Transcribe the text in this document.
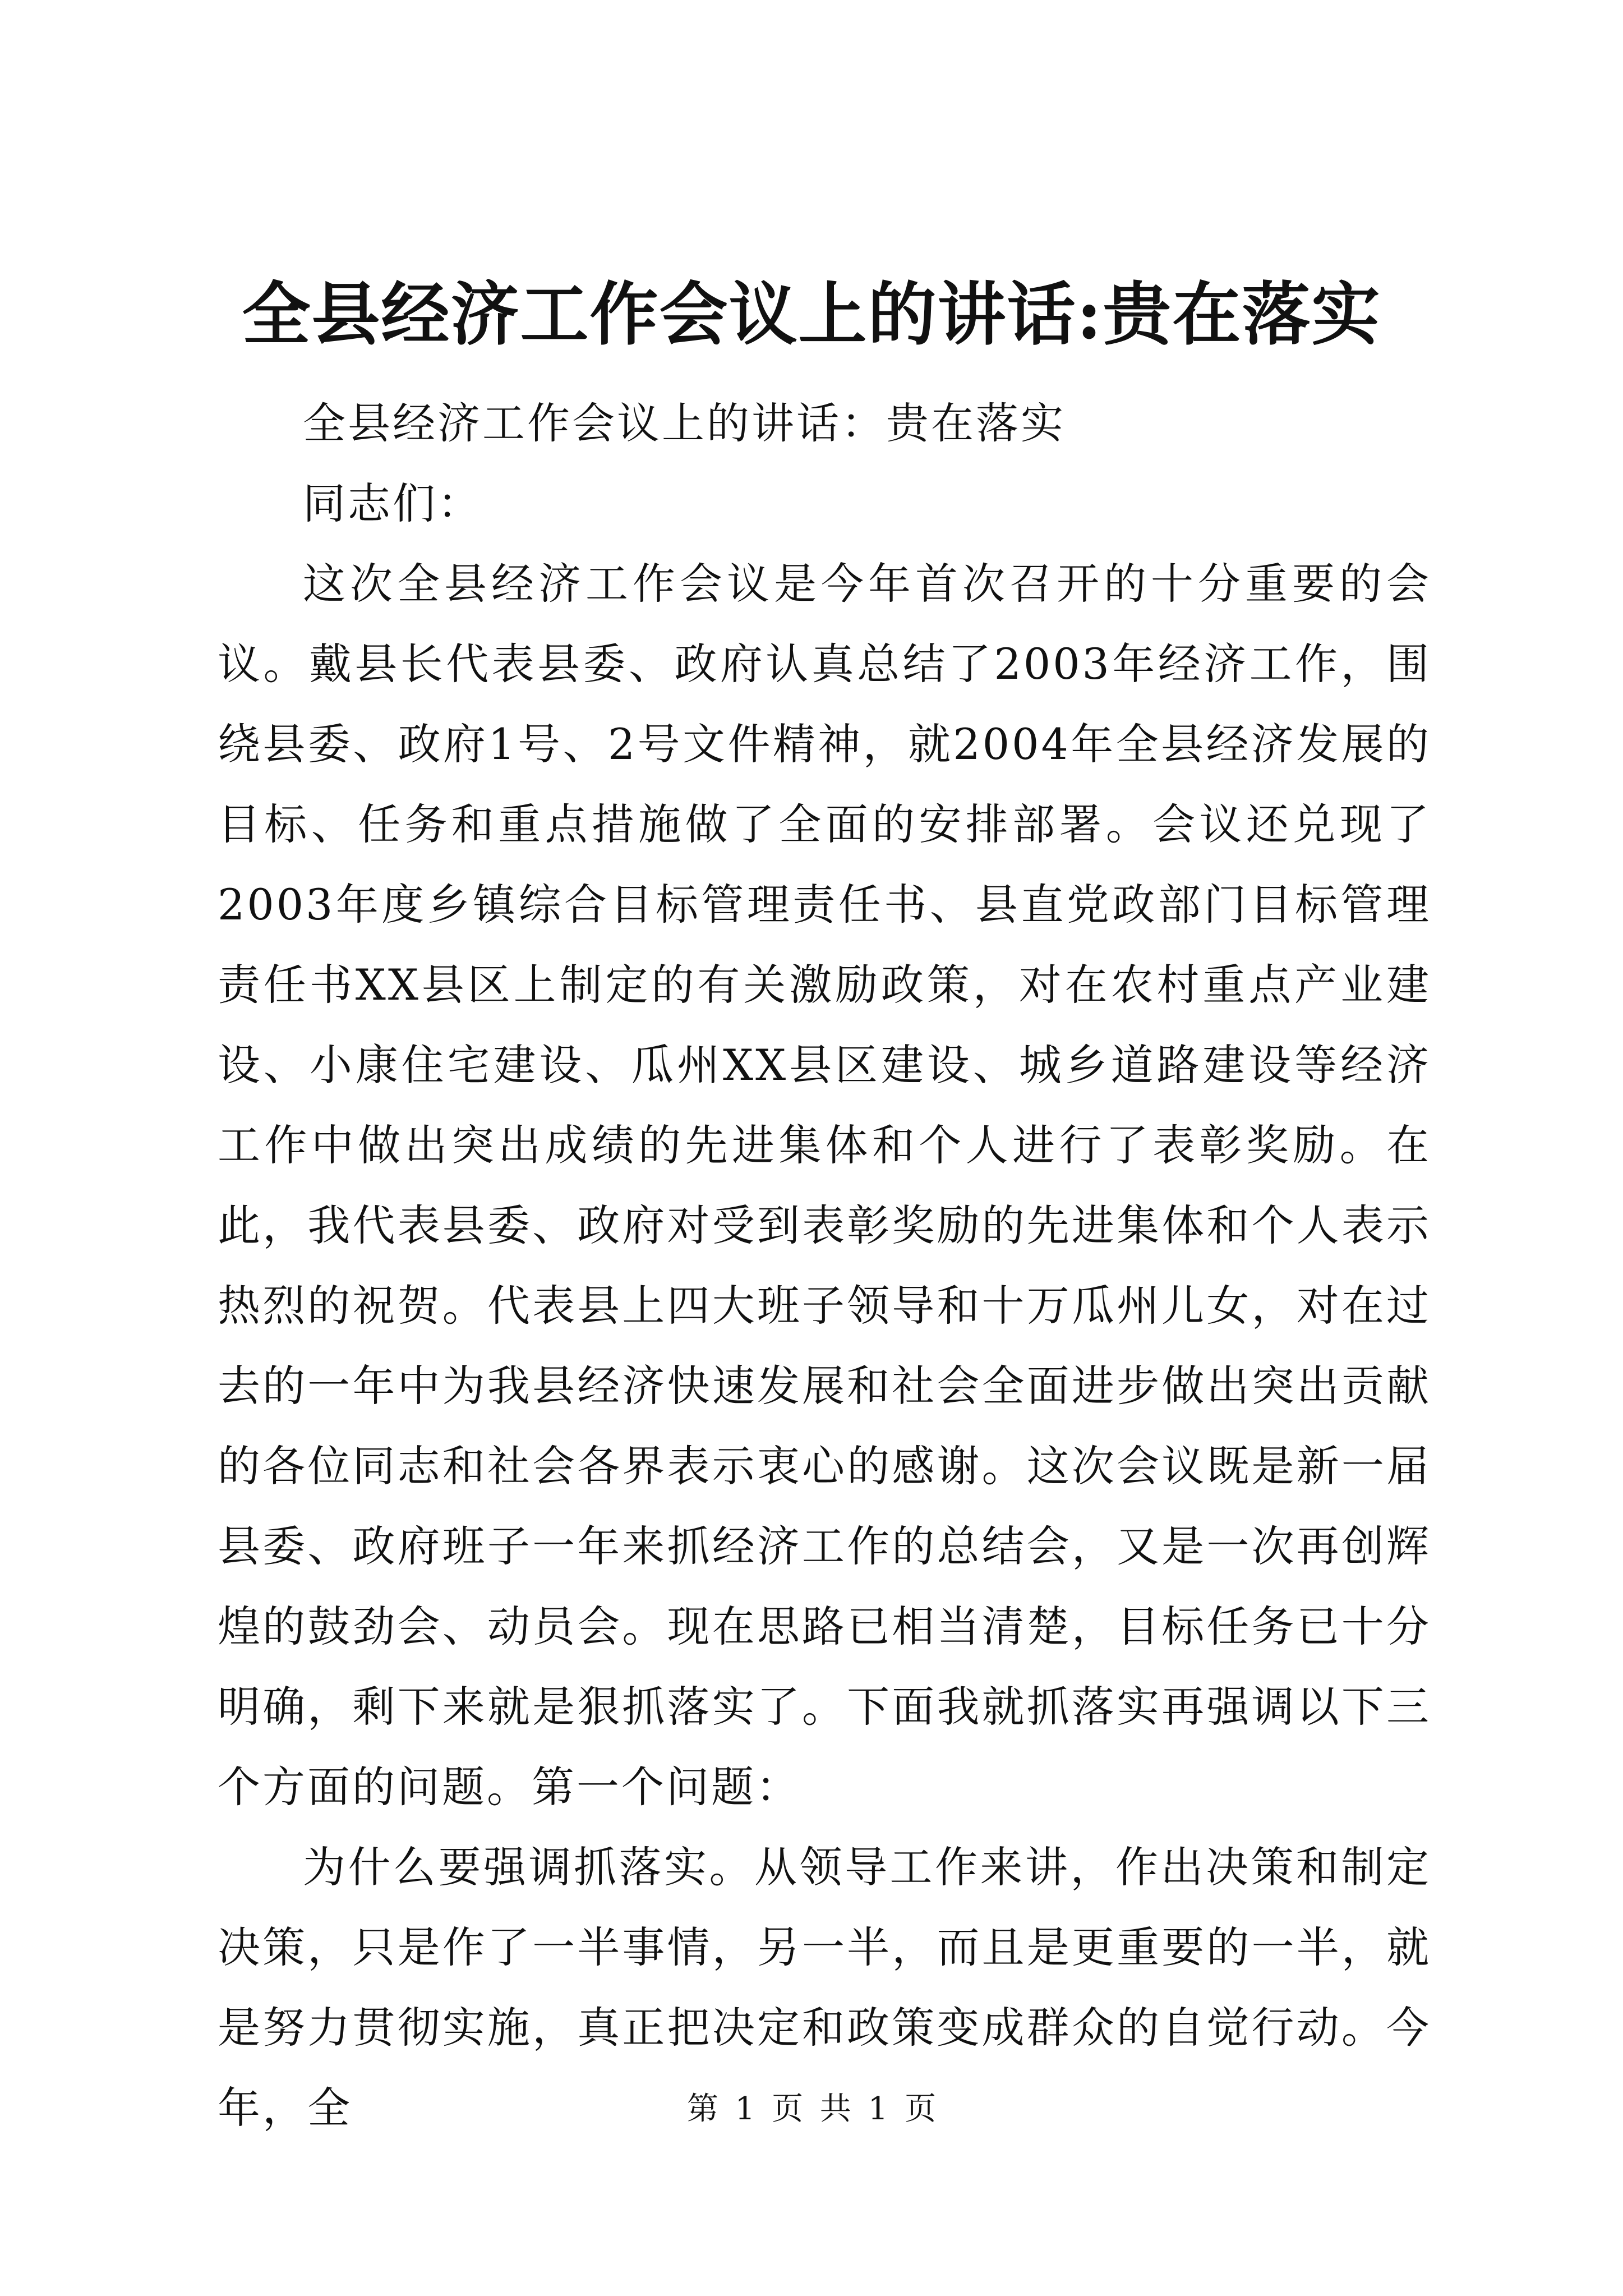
全县经济工作会议上的讲话:贵在落实

全县经济工作会议上的讲话：贵在落实

同志们：

这次全县经济工作会议是今年首次召开的十分重要的会议。戴县长代表县委、政府认真总结了2003年经济工作，围绕县委、政府1号、2号文件精神，就2004年全县经济发展的目标、任务和重点措施做了全面的安排部署。会议还兑现了2003年度乡镇综合目标管理责任书、县直党政部门目标管理责任书XX县区上制定的有关激励政策，对在农村重点产业建设、小康住宅建设、瓜州XX县区建设、城乡道路建设等经济工作中做出突出成绩的先进集体和个人进行了表彰奖励。在此，我代表县委、政府对受到表彰奖励的先进集体和个人表示热烈的祝贺。代表县上四大班子领导和十万瓜州儿女，对在过去的一年中为我县经济快速发展和社会全面进步做出突出贡献的各位同志和社会各界表示衷心的感谢。这次会议既是新一届县委、政府班子一年来抓经济工作的总结会，又是一次再创辉煌的鼓劲会、动员会。现在思路已相当清楚，目标任务已十分明确，剩下来就是狠抓落实了。下面我就抓落实再强调以下三个方面的问题。第一个问题：

为什么要强调抓落实。从领导工作来讲，作出决策和制定决策，只是作了一半事情，另一半，而且是更重要的一半，就是努力贯彻实施，真正把决定和政策变成群众的自觉行动。今年，全	第 1 页 共 1 页
